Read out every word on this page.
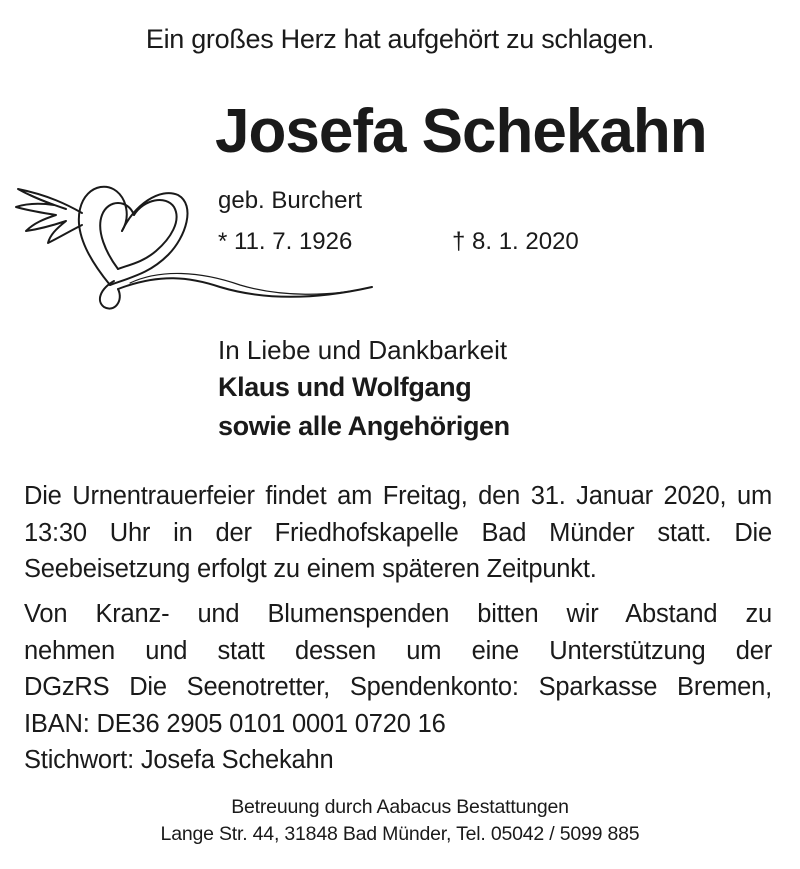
Ein großes Herz hat aufgehört zu schlagen.
Josefa Schekahn
geb. Burchert
* 11. 7. 1926	† 8. 1. 2020
In Liebe und Dankbarkeit
Klaus und Wolfgang
sowie alle Angehörigen
Die Urnentrauerfeier findet am Freitag, den 31. Januar 2020, um 13:30 Uhr in der Friedhofskapelle Bad Münder statt. Die Seebeisetzung erfolgt zu einem späteren Zeitpunkt.
Von Kranz- und Blumenspenden bitten wir Abstand zu
nehmen und statt dessen um eine Unterstützung der
DGzRS Die Seenotretter, Spendenkonto: Sparkasse Bremen,
IBAN: DE36 2905 0101 0001 0720 16
Stichwort: Josefa Schekahn
Betreuung durch Aabacus Bestattungen
Lange Str. 44, 31848 Bad Münder, Tel. 05042 / 5099 885
